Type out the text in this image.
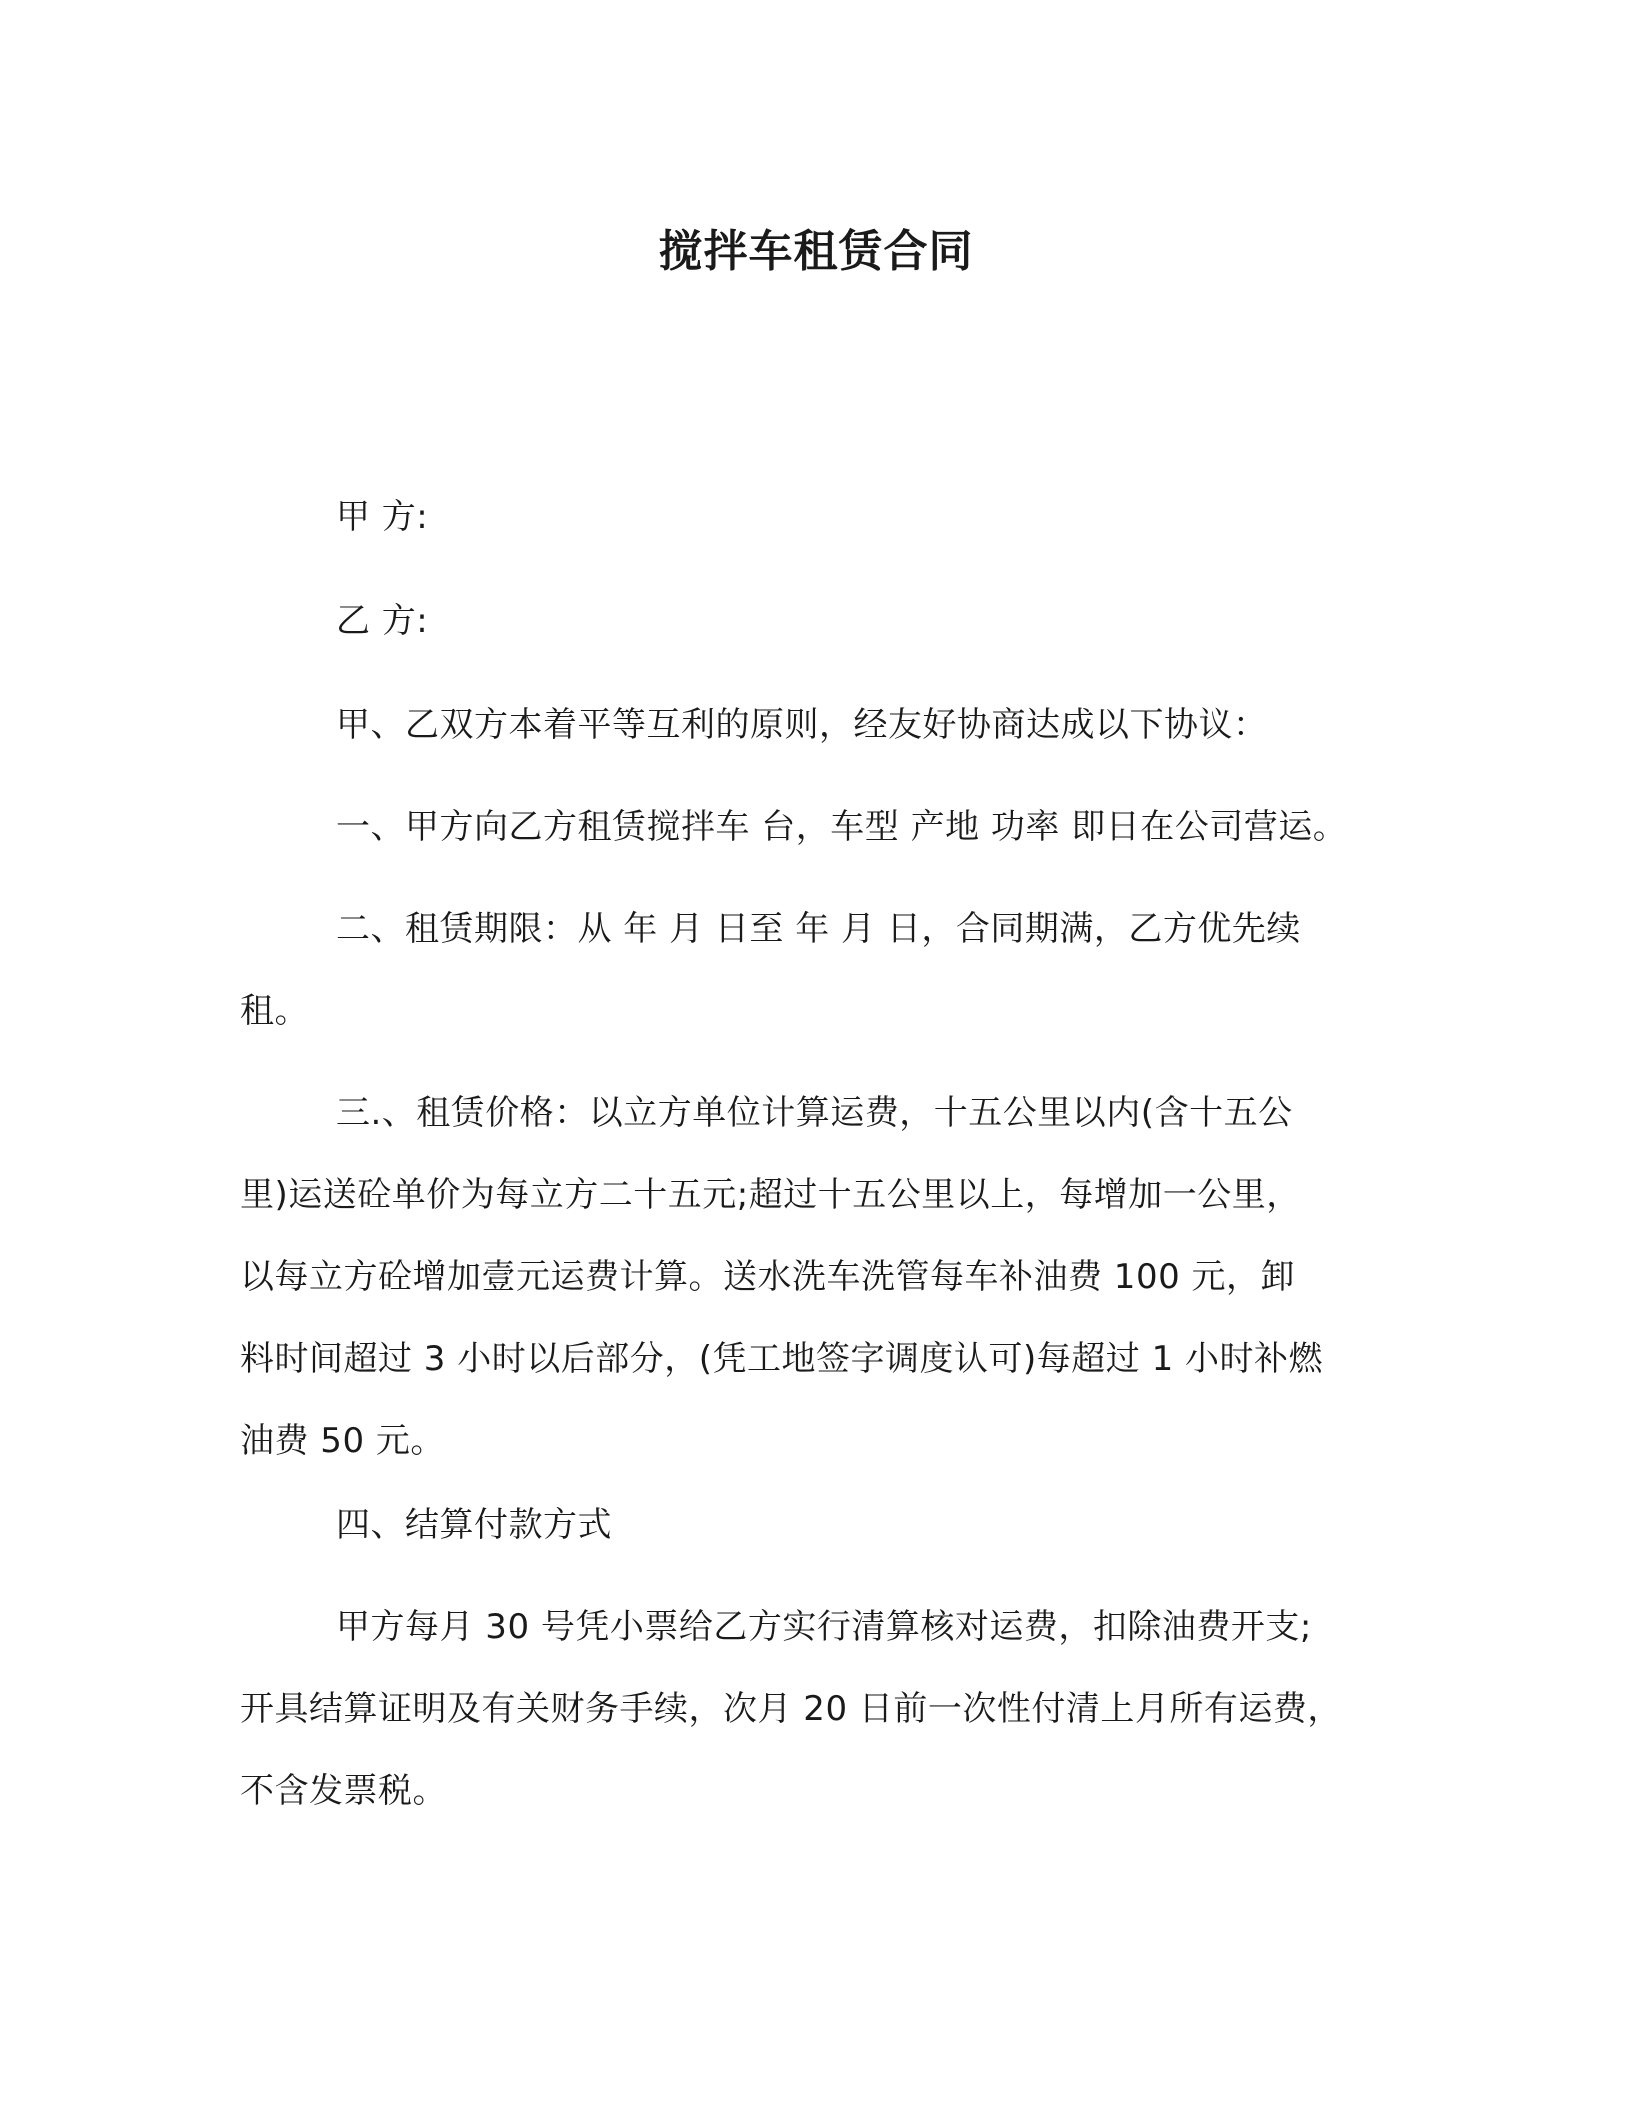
搅拌车租赁合同
甲 方:
乙 方:
甲、乙双方本着平等互利的原则，经友好协商达成以下协议：
一、甲方向乙方租赁搅拌车 台，车型 产地 功率 即日在公司营运。
二、租赁期限：从 年 月 日至 年 月 日，合同期满，乙方优先续
租。
三.、租赁价格：以立方单位计算运费，十五公里以内(含十五公
里)运送砼单价为每立方二十五元;超过十五公里以上，每增加一公里，
以每立方砼增加壹元运费计算。送水洗车洗管每车补油费 100 元，卸
料时间超过 3 小时以后部分，(凭工地签字调度认可)每超过 1 小时补燃
油费 50 元。
四、结算付款方式
甲方每月 30 号凭小票给乙方实行清算核对运费，扣除油费开支;
开具结算证明及有关财务手续，次月 20 日前一次性付清上月所有运费，
不含发票税。
